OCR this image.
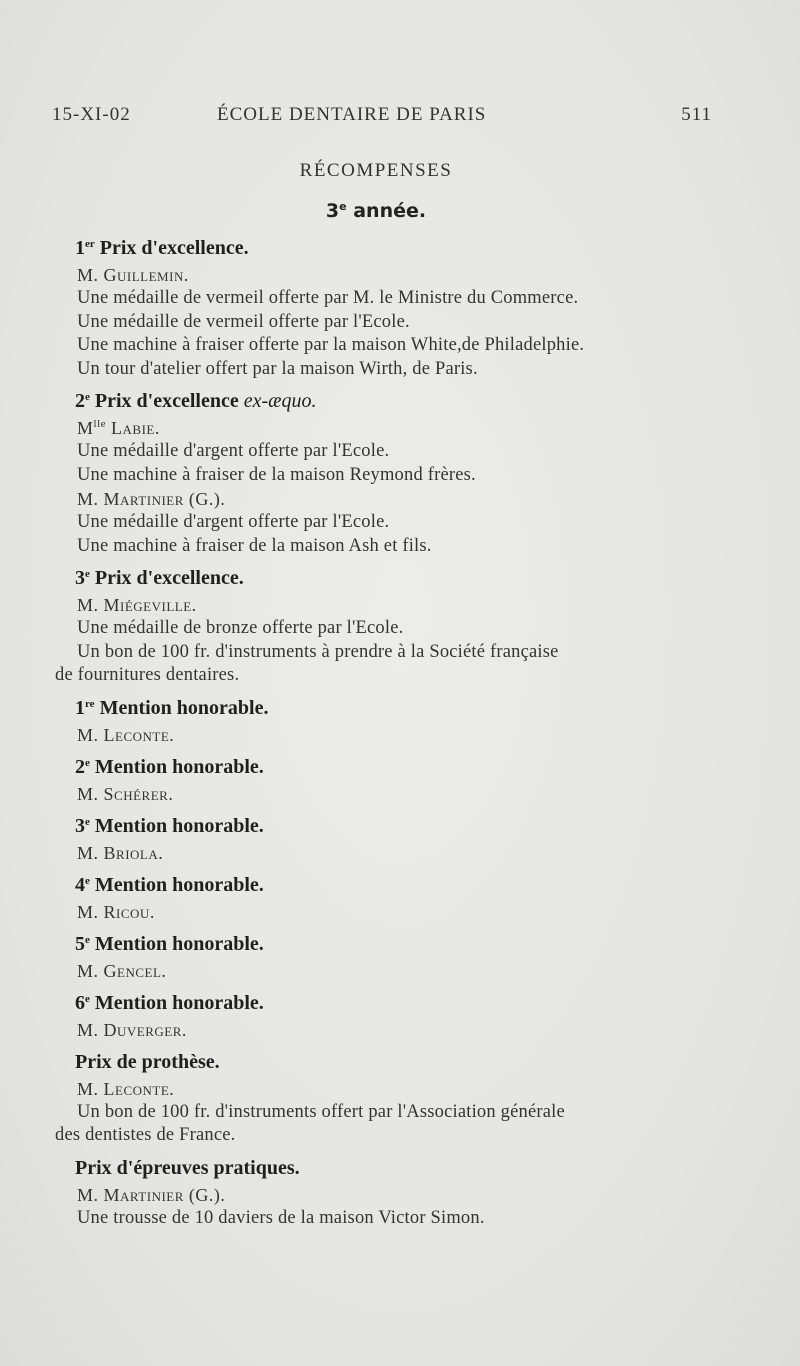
15-XI-02	ÉCOLE DENTAIRE DE PARIS	511
RÉCOMPENSES
3e année.
1er Prix d'excellence.
M. Guillemin.
Une médaille de vermeil offerte par M. le Ministre du Commerce.
Une médaille de vermeil offerte par l'Ecole.
Une machine à fraiser offerte par la maison White,de Philadelphie.
Un tour d'atelier offert par la maison Wirth, de Paris.
2e Prix d'excellence ex-æquo.
$M^{lle}$ Labie.
Une médaille d'argent offerte par l'Ecole.
Une machine à fraiser de la maison Reymond frères.
M. Martinier (G.).
Une médaille d'argent offerte par l'Ecole.
Une machine à fraiser de la maison Ash et fils.
3e Prix d'excellence.
M. Miégeville.
Une médaille de bronze offerte par l'Ecole.
Un bon de 100 fr. d'instruments à prendre à la Société française
de fournitures dentaires.
1re Mention honorable.
M. Leconte.
2e Mention honorable.
M. Schérer.
3e Mention honorable.
M. Briola.
4e Mention honorable.
M. Ricou.
5e Mention honorable.
M. Gencel.
6e Mention honorable.
M. Duverger.
Prix de prothèse.
M. Leconte.
Un bon de 100 fr. d'instruments offert par l'Association générale
des dentistes de France.
Prix d'épreuves pratiques.
M. Martinier (G.).
Une trousse de 10 daviers de la maison Victor Simon.
